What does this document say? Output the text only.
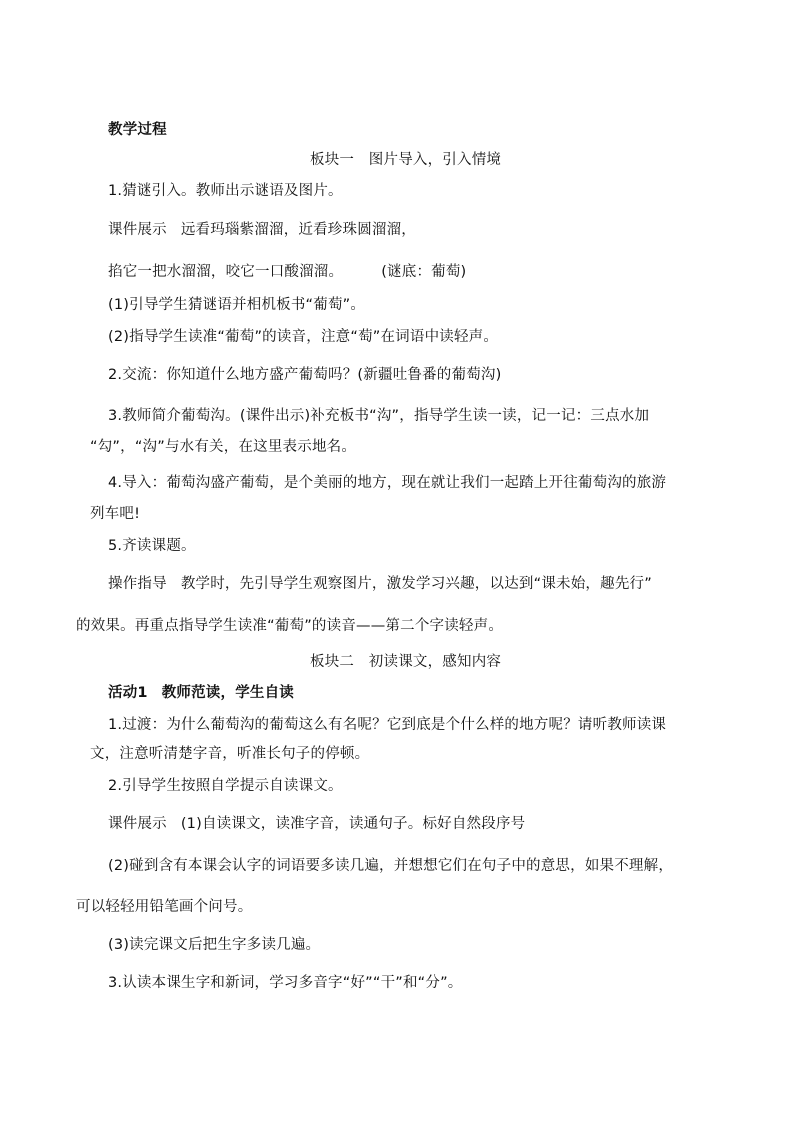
教学过程
板块一　图片导入，引入情境
1.猜谜引入。教师出示谜语及图片。
课件展示 远看玛瑙紫溜溜，近看珍珠圆溜溜，
掐它一把水溜溜，咬它一口酸溜溜。	(谜底：葡萄)
(1)引导学生猜谜语并相机板书“葡萄”。
(2)指导学生读准“葡萄”的读音，注意“萄”在词语中读轻声。
2.交流：你知道什么地方盛产葡萄吗？(新疆吐鲁番的葡萄沟)
3.教师简介葡萄沟。(课件出示)补充板书“沟”，指导学生读一读，记一记：三点水加
“勾”，“沟”与水有关，在这里表示地名。
4.导入：葡萄沟盛产葡萄，是个美丽的地方，现在就让我们一起踏上开往葡萄沟的旅游
列车吧!
5.齐读课题。
操作指导 教学时，先引导学生观察图片，激发学习兴趣，以达到“课未始，趣先行”
的效果。再重点指导学生读准“葡萄”的读音——第二个字读轻声。
板块二　初读课文，感知内容
活动1 教师范读，学生自读
1.过渡：为什么葡萄沟的葡萄这么有名呢？它到底是个什么样的地方呢？请听教师读课
文，注意听清楚字音，听准长句子的停顿。
2.引导学生按照自学提示自读课文。
课件展示 (1)自读课文，读准字音，读通句子。标好自然段序号
(2)碰到含有本课会认字的词语要多读几遍，并想想它们在句子中的意思，如果不理解，
可以轻轻用铅笔画个问号。
(3)读完课文后把生字多读几遍。
3.认读本课生字和新词，学习多音字“好”“干”和“分”。
